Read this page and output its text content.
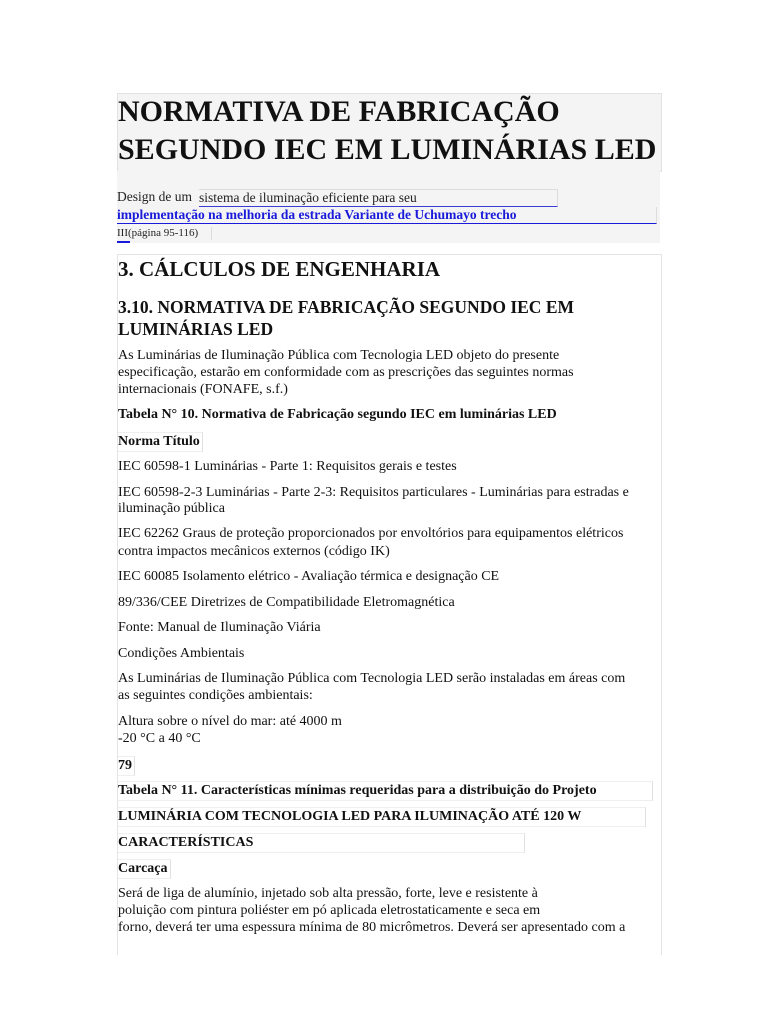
NORMATIVA DE FABRICAÇÃO
SEGUNDO IEC EM LUMINÁRIAS LED
Design de um sistema de iluminação eficiente para seu
implementação na melhoria da estrada Variante de Uchumayo trecho
III(página 95-116)
3. CÁLCULOS DE ENGENHARIA
3.10. NORMATIVA DE FABRICAÇÃO SEGUNDO IEC EM
LUMINÁRIAS LED
As Luminárias de Iluminação Pública com Tecnologia LED objeto do presente
especificação, estarão em conformidade com as prescrições das seguintes normas
internacionais (FONAFE, s.f.)
Tabela N° 10. Normativa de Fabricação segundo IEC em luminárias LED
Norma Título
IEC 60598-1 Luminárias - Parte 1: Requisitos gerais e testes
IEC 60598-2-3 Luminárias - Parte 2-3: Requisitos particulares - Luminárias para estradas e
iluminação pública
IEC 62262 Graus de proteção proporcionados por envoltórios para equipamentos elétricos
contra impactos mecânicos externos (código IK)
IEC 60085 Isolamento elétrico - Avaliação térmica e designação CE
89/336/CEE Diretrizes de Compatibilidade Eletromagnética
Fonte: Manual de Iluminação Viária
Condições Ambientais
As Luminárias de Iluminação Pública com Tecnologia LED serão instaladas em áreas com
as seguintes condições ambientais:
Altura sobre o nível do mar: até 4000 m
-20 °C a 40 °C
79
Tabela N° 11. Características mínimas requeridas para a distribuição do Projeto
LUMINÁRIA COM TECNOLOGIA LED PARA ILUMINAÇÃO ATÉ 120 W
CARACTERÍSTICAS
Carcaça
Será de liga de alumínio, injetado sob alta pressão, forte, leve e resistente à
poluição com pintura poliéster em pó aplicada eletrostaticamente e seca em
forno, deverá ter uma espessura mínima de 80 micrômetros. Deverá ser apresentado com a
